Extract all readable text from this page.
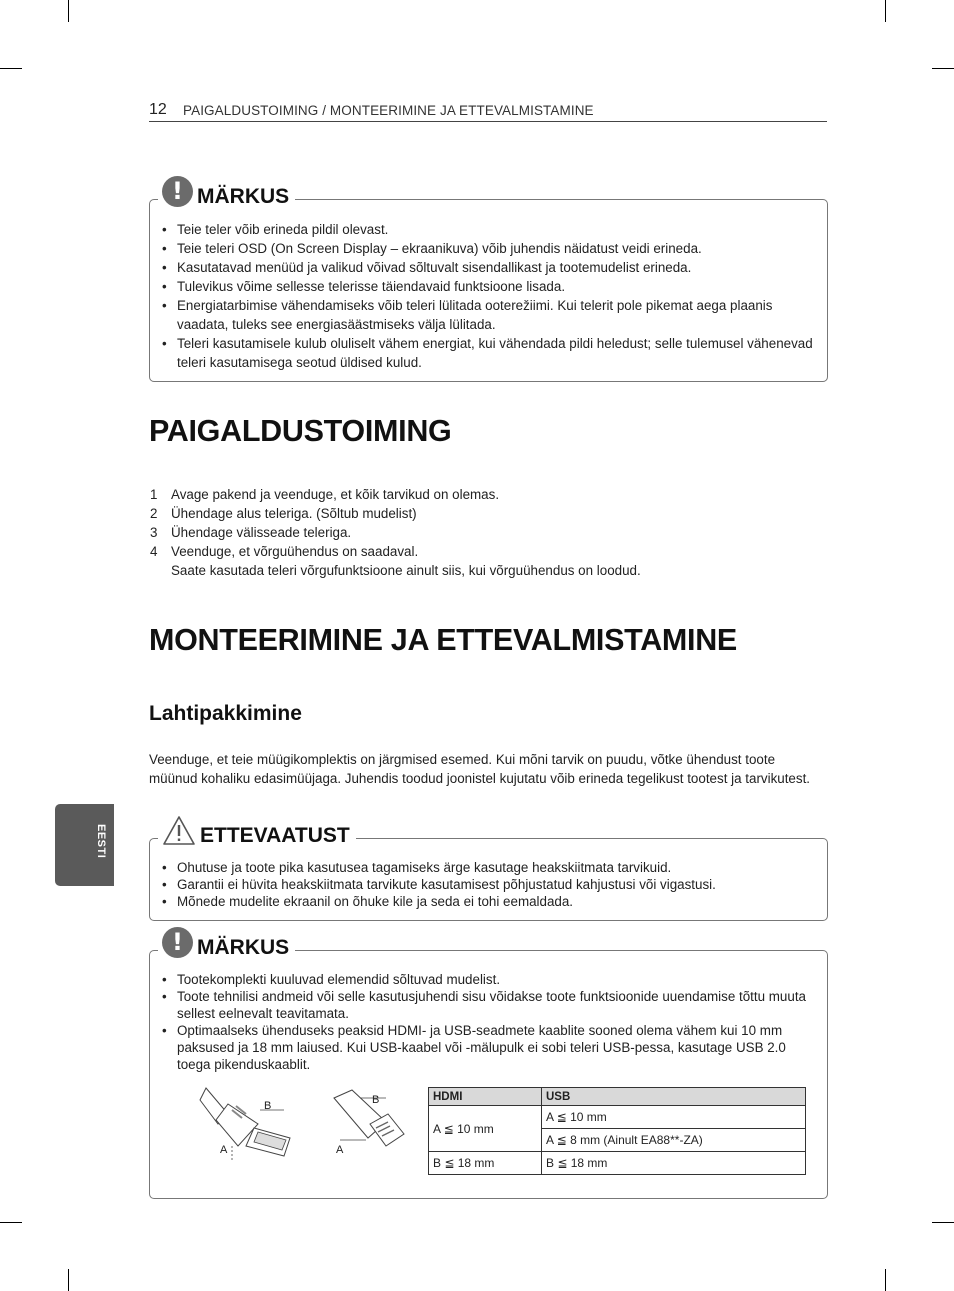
12 PAIGALDUSTOIMING / MONTEERIMINE JA ETTEVALMISTAMINE
EESTI
! MÄRKUS
• Teie teler võib erineda pildil olevast.
• Teie teleri OSD (On Screen Display – ekraanikuva) võib juhendis näidatust veidi erineda.
• Kasutatavad menüüd ja valikud võivad sõltuvalt sisendallikast ja tootemudelist erineda.
• Tulevikus võime sellesse telerisse täiendavaid funktsioone lisada.
• Energiatarbimise vähendamiseks võib teleri lülitada ooterežiimi. Kui telerit pole pikemat aega plaanis vaadata, tuleks see energiasäästmiseks välja lülitada.
• Teleri kasutamisele kulub oluliselt vähem energiat, kui vähendada pildi heledust; selle tulemusel vähenevad teleri kasutamisega seotud üldised kulud.
PAIGALDUSTOIMING
1 Avage pakend ja veenduge, et kõik tarvikud on olemas.
2 Ühendage alus teleriga. (Sõltub mudelist)
3 Ühendage välisseade teleriga.
4 Veenduge, et võrguühendus on saadaval.
Saate kasutada teleri võrgufunktsioone ainult siis, kui võrguühendus on loodud.
MONTEERIMINE JA ETTEVALMISTAMINE
Lahtipakkimine
Veenduge, et teie müügikomplektis on järgmised esemed. Kui mõni tarvik on puudu, võtke ühendust toote müünud kohaliku edasimüüjaga. Juhendis toodud joonistel kujutatu võib erineda tegelikust tootest ja tarvikutest.
ETTEVAATUST
• Ohutuse ja toote pika kasutusea tagamiseks ärge kasutage heakskiitmata tarvikuid.
• Garantii ei hüvita heakskiitmata tarvikute kasutamisest põhjustatud kahjustusi või vigastusi.
• Mõnede mudelite ekraanil on õhuke kile ja seda ei tohi eemaldada.
! MÄRKUS
• Tootekomplekti kuuluvad elemendid sõltuvad mudelist.
• Toote tehnilisi andmeid või selle kasutusjuhendi sisu võidakse toote funktsioonide uuendamise tõttu muuta sellest eelnevalt teavitamata.
• Optimaalseks ühenduseks peaksid HDMI- ja USB-seadmete kaablite sooned olema vähem kui 10 mm paksused ja 18 mm laiused. Kui USB-kaabel või -mälupulk ei sobi teleri USB-pessa, kasutage USB 2.0 toega pikenduskaablit.
B
A
B
A
HDMI	USB
A ≦ 10 mm	A ≦ 10 mm
	A ≦ 8 mm (Ainult EA88**-ZA)
B ≦ 18 mm	B ≦ 18 mm
